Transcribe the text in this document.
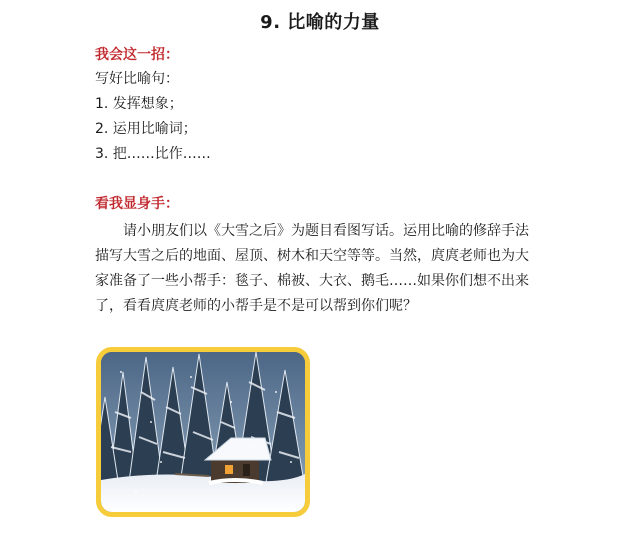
9. 比喻的力量
我会这一招：
写好比喻句：
1. 发挥想象；
2. 运用比喻词；
3. 把……比作……
看我显身手：
请小朋友们以《大雪之后》为题目看图写话。运用比喻的修辞手法描写大雪之后的地面、屋顶、树木和天空等等。当然，庹庹老师也为大家准备了一些小帮手：毯子、棉被、大衣、鹅毛……如果你们想不出来了，看看庹庹老师的小帮手是不是可以帮到你们呢？
